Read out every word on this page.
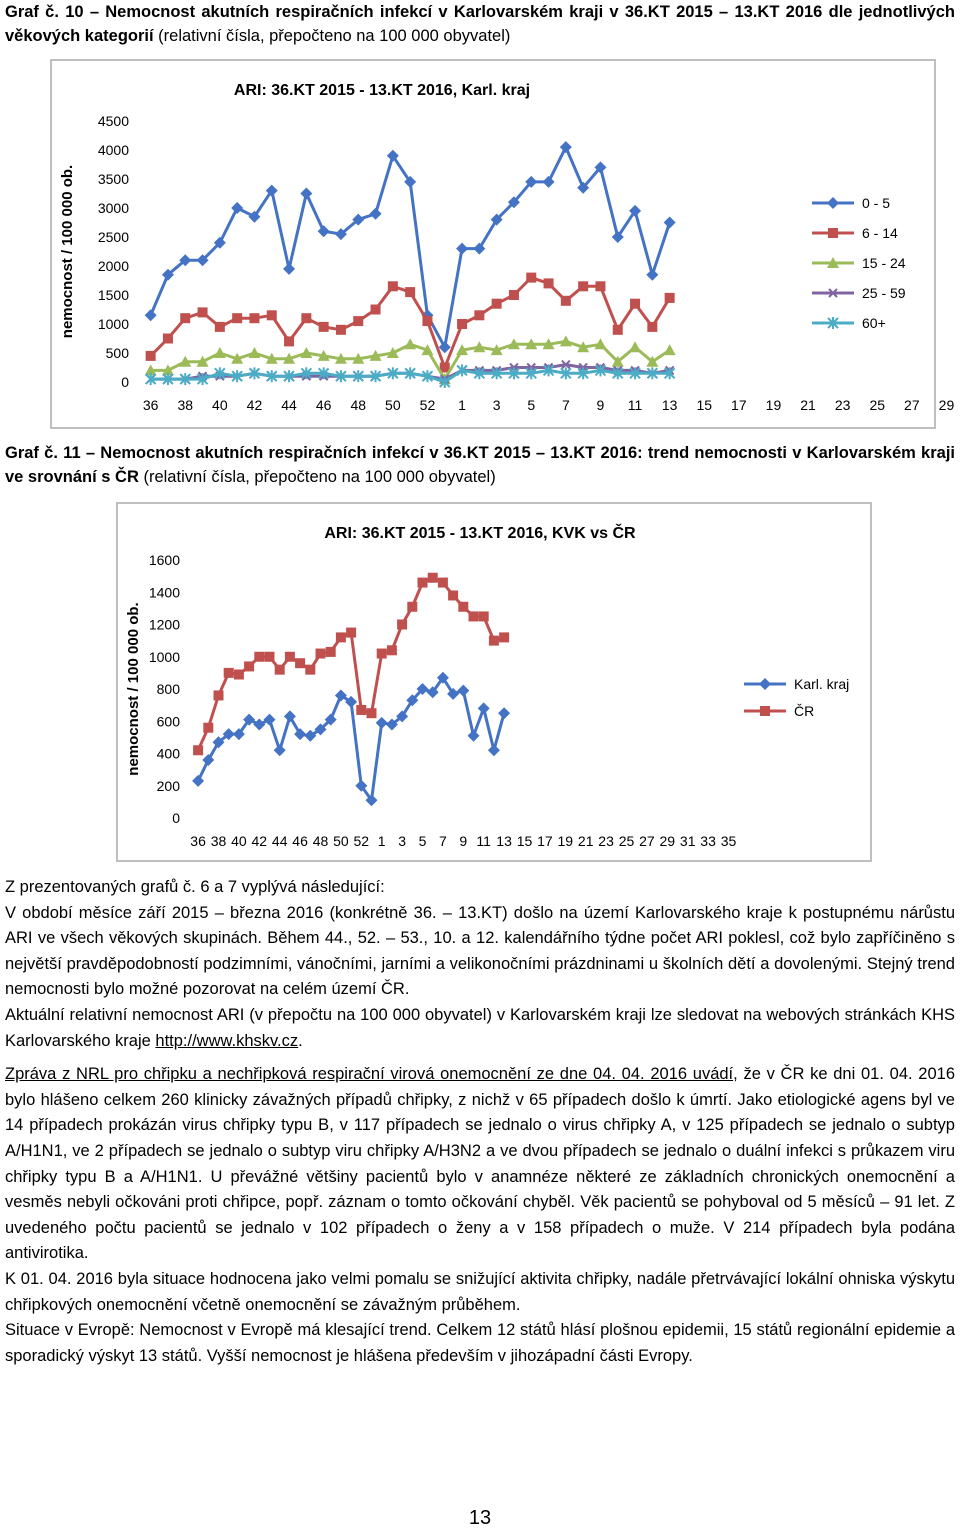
Graf č. 10 – Nemocnost akutních respiračních infekcí v Karlovarském kraji v 36.KT 2015 – 13.KT 2016 dle jednotlivých věkových kategorií (relativní čísla, přepočteno na 100 000 obyvatel)
ARI: 36.KT 2015 - 13.KT 2016, Karl. kraj
nemocnost / 100 000 ob.
0
500
1000
1500
2000
2500
3000
3500
4000
4500
36 38 40 42 44 46 48 50 52 1 3 5 7 9 11 13 15 17 19 21 23 25 27 29
0 - 5
6 - 14
15 - 24
25 - 59
60+
Graf č. 11 – Nemocnost akutních respiračních infekcí v 36.KT 2015 – 13.KT 2016: trend nemocnosti v Karlovarském kraji ve srovnání s ČR (relativní čísla, přepočteno na 100 000 obyvatel)
ARI: 36.KT 2015 - 13.KT 2016, KVK vs ČR
nemocnost / 100 000 ob.
0
200
400
600
800
1000
1200
1400
1600
36 38 40 42 44 46 48 50 52 1 3 5 7 9 11 13 15 17 19 21 23 25 27 29 31 33 35
Karl. kraj
ČR

Z prezentovaných grafů č. 6 a 7 vyplývá následující:

V období měsíce září 2015 – března 2016 (konkrétně 36. – 13.KT) došlo na území Karlovarského kraje k postupnému nárůstu ARI ve všech věkových skupinách. Během 44., 52. – 53., 10. a 12. kalendářního týdne počet ARI poklesl, což bylo zapříčiněno s největší pravděpodobností podzimními, vánočními, jarními a velikonočními prázdninami u školních dětí a dovolenými. Stejný trend nemocnosti bylo možné pozorovat na celém území ČR.

Aktuální relativní nemocnost ARI (v přepočtu na 100 000 obyvatel) v Karlovarském kraji lze sledovat na webových stránkách KHS Karlovarského kraje http://www.khskv.cz.

Zpráva z NRL pro chřipku a nechřipková respirační virová onemocnění ze dne 04. 04. 2016 uvádí, že v ČR ke dni 01. 04. 2016 bylo hlášeno celkem 260 klinicky závažných případů chřipky, z nichž v 65 případech došlo k úmrtí. Jako etiologické agens byl ve 14 případech prokázán virus chřipky typu B, v 117 případech se jednalo o virus chřipky A, v 125 případech se jednalo o subtyp A/H1N1, ve 2 případech se jednalo o subtyp viru chřipky A/H3N2 a ve dvou případech se jednalo o duální infekci s průkazem viru chřipky typu B a A/H1N1. U převážné většiny pacientů bylo v anamnéze některé ze základních chronických onemocnění a vesměs nebyli očkováni proti chřipce, popř. záznam o tomto očkování chyběl. Věk pacientů se pohyboval od 5 měsíců – 91 let. Z uvedeného počtu pacientů se jednalo v 102 případech o ženy a v 158 případech o muže. V 214 případech byla podána antivirotika.

K 01. 04. 2016 byla situace hodnocena jako velmi pomalu se snižující aktivita chřipky, nadále přetrvávající lokální ohniska výskytu chřipkových onemocnění včetně onemocnění se závažným průběhem.

Situace v Evropě: Nemocnost v Evropě má klesající trend. Celkem 12 států hlásí plošnou epidemii, 15 států regionální epidemie a sporadický výskyt 13 států. Vyšší nemocnost je hlášena především v jihozápadní části Evropy.

13
